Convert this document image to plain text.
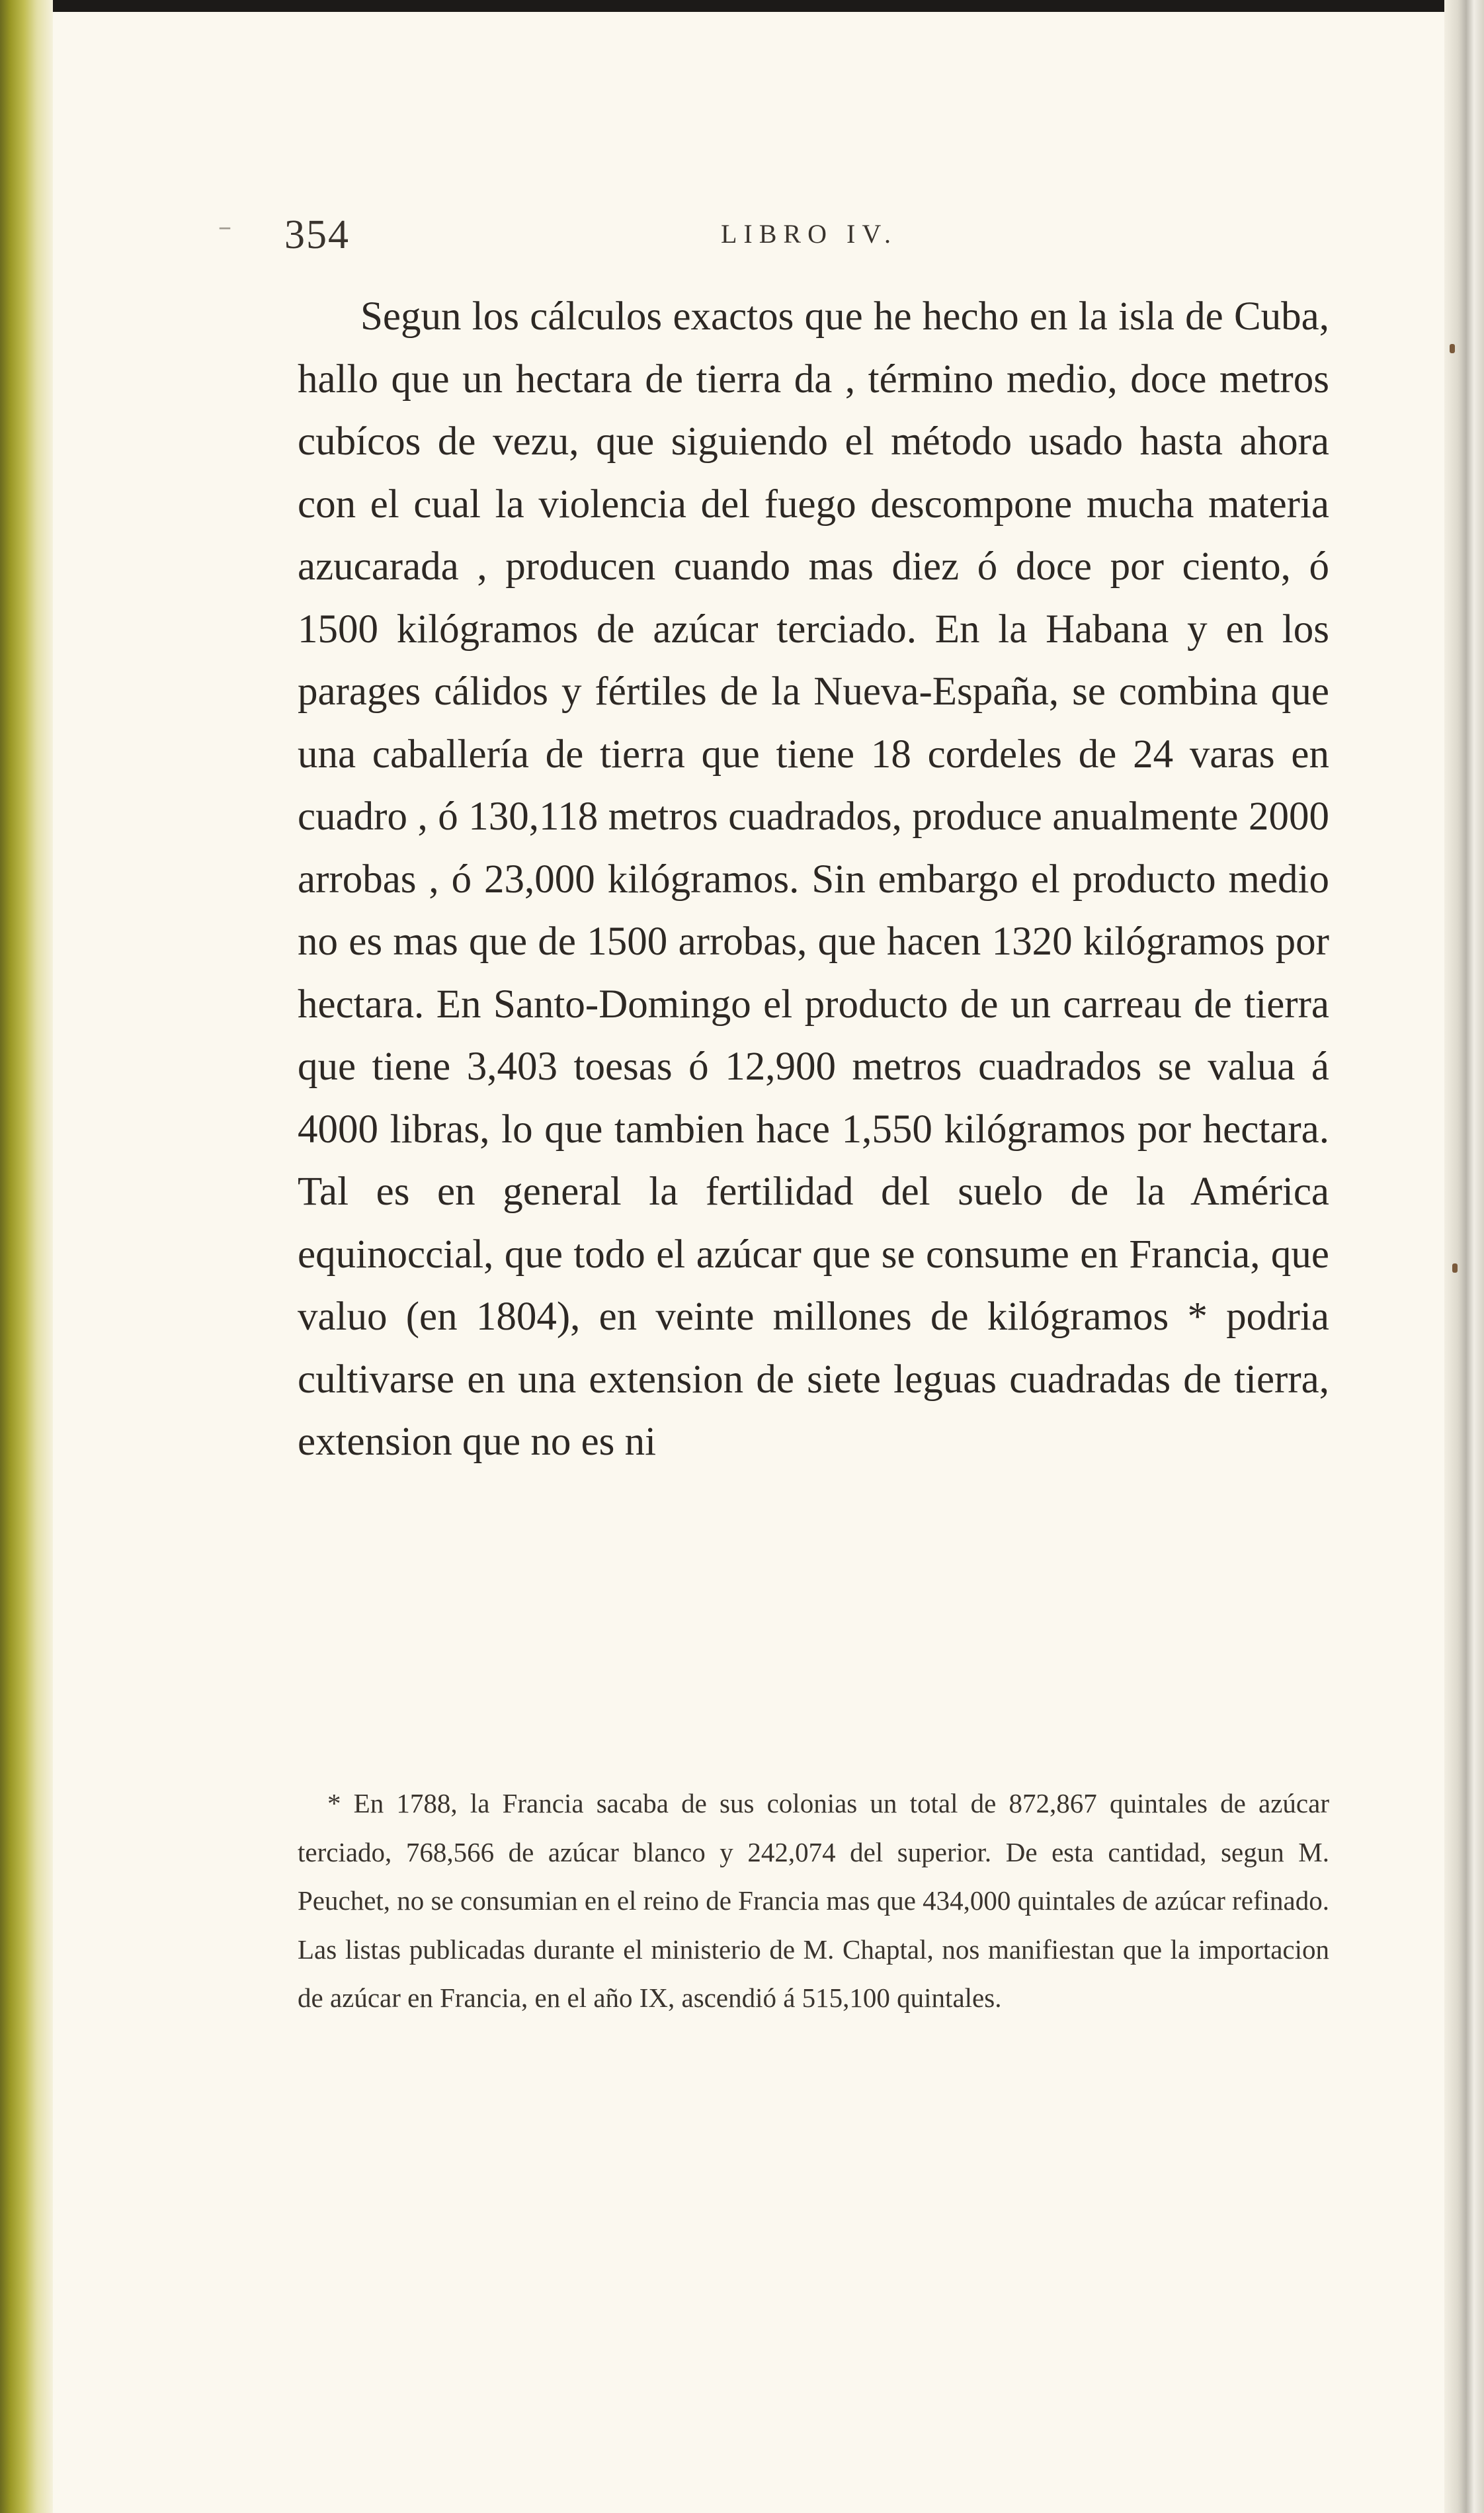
– 354	LIBRO IV.

Segun los cálculos exactos que he hecho en la isla de Cuba, hallo que un hectara de tierra da , término medio, doce metros cubícos de vezu, que siguiendo el método usado hasta ahora con el cual la violencia del fuego descompone mucha materia azucarada , producen cuando mas diez ó doce por ciento, ó 1500 kilógramos de azúcar terciado. En la Habana y en los parages cálidos y fértiles de la Nueva-España, se combina que una caballería de tierra que tiene 18 cordeles de 24 varas en cuadro , ó 130,118 metros cuadrados, produce anualmente 2000 arrobas , ó 23,000 kilógramos. Sin embargo el producto medio no es mas que de 1500 arrobas, que hacen 1320 kilógramos por hectara. En Santo-Domingo el producto de un carreau de tierra que tiene 3,403 toesas ó 12,900 metros cuadrados se valua á 4000 libras, lo que tambien hace 1,550 kilógramos por hectara. Tal es en general la fertilidad del suelo de la América equinoccial, que todo el azúcar que se consume en Francia, que valuo (en 1804), en veinte millones de kilógramos * podria cultivarse en una extension de siete leguas cuadradas de tierra, extension que no es ni

* En 1788, la Francia sacaba de sus colonias un total de 872,867 quintales de azúcar terciado, 768,566 de azúcar blanco y 242,074 del superior. De esta cantidad, segun M. Peuchet, no se consumian en el reino de Francia mas que 434,000 quintales de azúcar refinado. Las listas publicadas durante el ministerio de M. Chaptal, nos manifiestan que la importacion de azúcar en Francia, en el año IX, ascendió á 515,100 quintales.
